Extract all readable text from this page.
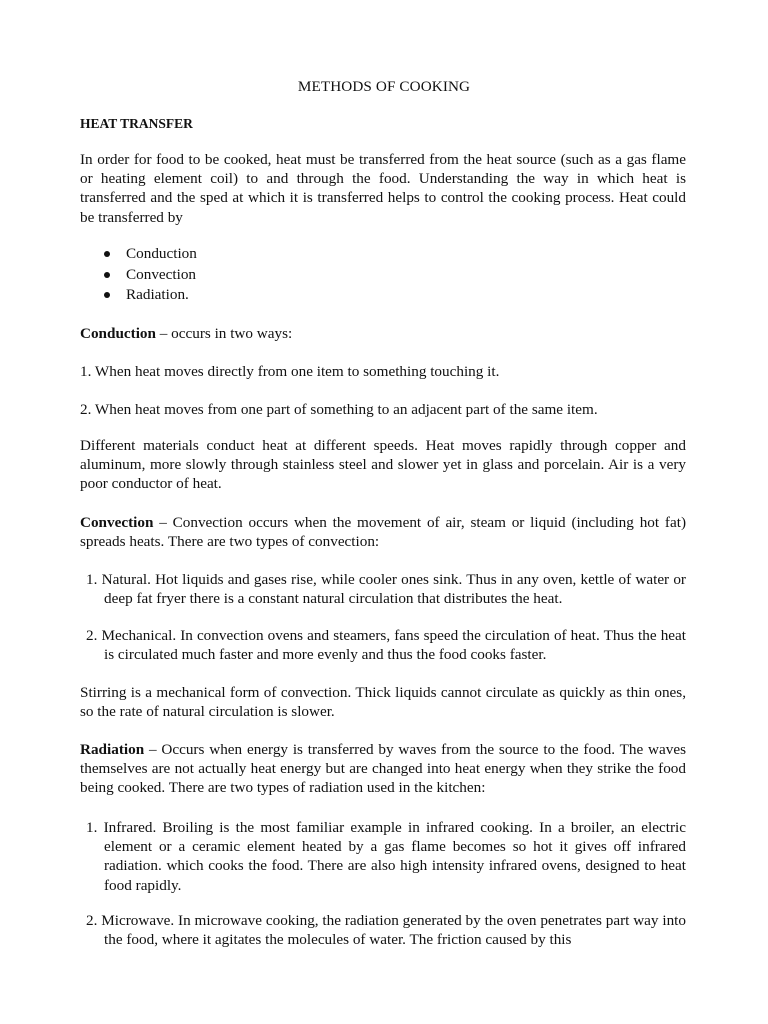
METHODS OF COOKING
HEAT TRANSFER

In order for food to be cooked, heat must be transferred from the heat source (such as a gas flame or heating element coil) to and through the food. Understanding the way in which heat is transferred and the sped at which it is transferred helps to control the cooking process. Heat could be transferred by

Conduction
Convection
Radiation.

Conduction – occurs in two ways:

1. When heat moves directly from one item to something touching it.

2. When heat moves from one part of something to an adjacent part of the same item.

Different materials conduct heat at different speeds. Heat moves rapidly through copper and aluminum, more slowly through stainless steel and slower yet in glass and porcelain. Air is a very poor conductor of heat.

Convection – Convection occurs when the movement of air, steam or liquid (including hot fat) spreads heats. There are two types of convection:

1. Natural. Hot liquids and gases rise, while cooler ones sink. Thus in any oven, kettle of water or deep fat fryer there is a constant natural circulation that distributes the heat.

2. Mechanical. In convection ovens and steamers, fans speed the circulation of heat. Thus the heat is circulated much faster and more evenly and thus the food cooks faster.

Stirring is a mechanical form of convection. Thick liquids cannot circulate as quickly as thin ones, so the rate of natural circulation is slower.

Radiation – Occurs when energy is transferred by waves from the source to the food. The waves themselves are not actually heat energy but are changed into heat energy when they strike the food being cooked. There are two types of radiation used in the kitchen:

1. Infrared. Broiling is the most familiar example in infrared cooking. In a broiler, an electric element or a ceramic element heated by a gas flame becomes so hot it gives off infrared radiation. which cooks the food. There are also high intensity infrared ovens, designed to heat food rapidly.

2. Microwave. In microwave cooking, the radiation generated by the oven penetrates part way into the food, where it agitates the molecules of water. The friction caused by this
